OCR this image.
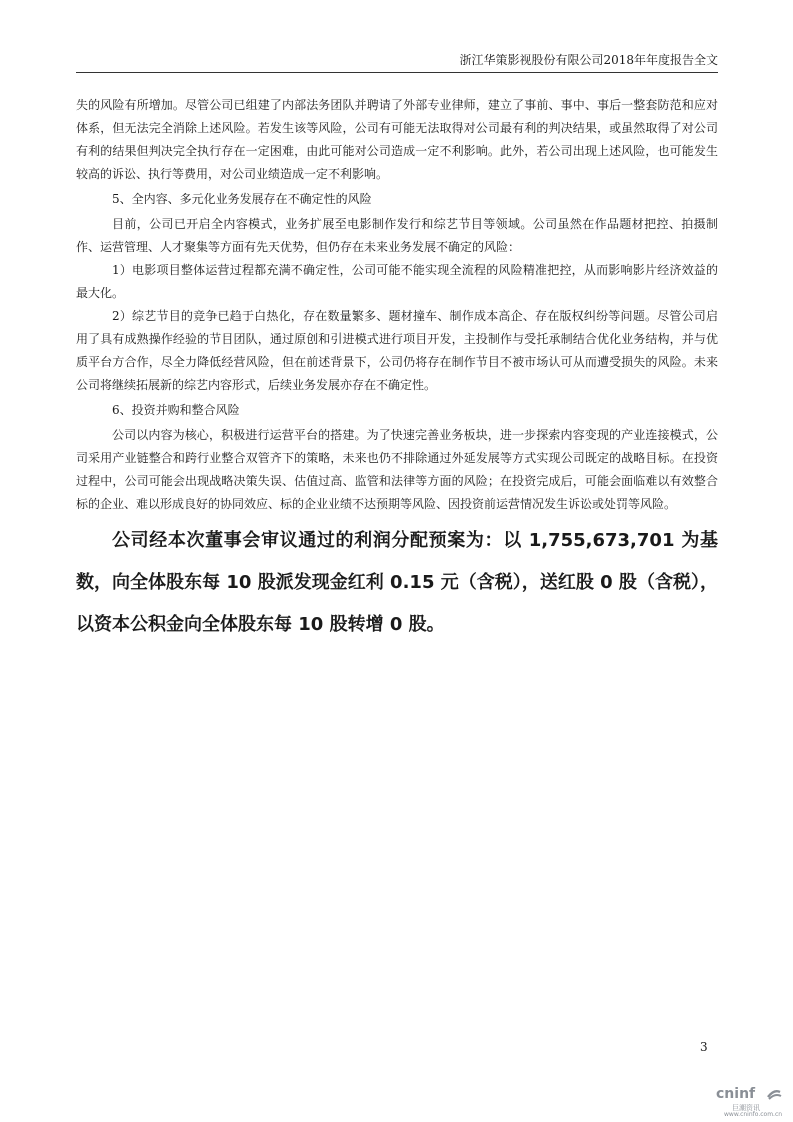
浙江华策影视股份有限公司2018年年度报告全文

失的风险有所增加。尽管公司已组建了内部法务团队并聘请了外部专业律师，建立了事前、事中、事后一整套防范和应对体系，但无法完全消除上述风险。若发生该等风险，公司有可能无法取得对公司最有利的判决结果，或虽然取得了对公司有利的结果但判决完全执行存在一定困难，由此可能对公司造成一定不利影响。此外，若公司出现上述风险，也可能发生较高的诉讼、执行等费用，对公司业绩造成一定不利影响。

5、全内容、多元化业务发展存在不确定性的风险

目前，公司已开启全内容模式，业务扩展至电影制作发行和综艺节目等领域。公司虽然在作品题材把控、拍摄制作、运营管理、人才聚集等方面有先天优势，但仍存在未来业务发展不确定的风险：

1）电影项目整体运营过程都充满不确定性，公司可能不能实现全流程的风险精准把控，从而影响影片经济效益的最大化。

2）综艺节目的竞争已趋于白热化，存在数量繁多、题材撞车、制作成本高企、存在版权纠纷等问题。尽管公司启用了具有成熟操作经验的节目团队，通过原创和引进模式进行项目开发，主投制作与受托承制结合优化业务结构，并与优质平台方合作，尽全力降低经营风险，但在前述背景下，公司仍将存在制作节目不被市场认可从而遭受损失的风险。未来公司将继续拓展新的综艺内容形式，后续业务发展亦存在不确定性。

6、投资并购和整合风险

公司以内容为核心，积极进行运营平台的搭建。为了快速完善业务板块，进一步探索内容变现的产业连接模式，公司采用产业链整合和跨行业整合双管齐下的策略，未来也仍不排除通过外延发展等方式实现公司既定的战略目标。在投资过程中，公司可能会出现战略决策失误、估值过高、监管和法律等方面的风险；在投资完成后，可能会面临难以有效整合标的企业、难以形成良好的协同效应、标的企业业绩不达预期等风险、因投资前运营情况发生诉讼或处罚等风险。

公司经本次董事会审议通过的利润分配预案为：以 1,755,673,701 为基数，向全体股东每 10 股派发现金红利 0.15 元（含税），送红股 0 股（含税），以资本公积金向全体股东每 10 股转增 0 股。

3
cninf
巨潮资讯
www.cninfo.com.cn
